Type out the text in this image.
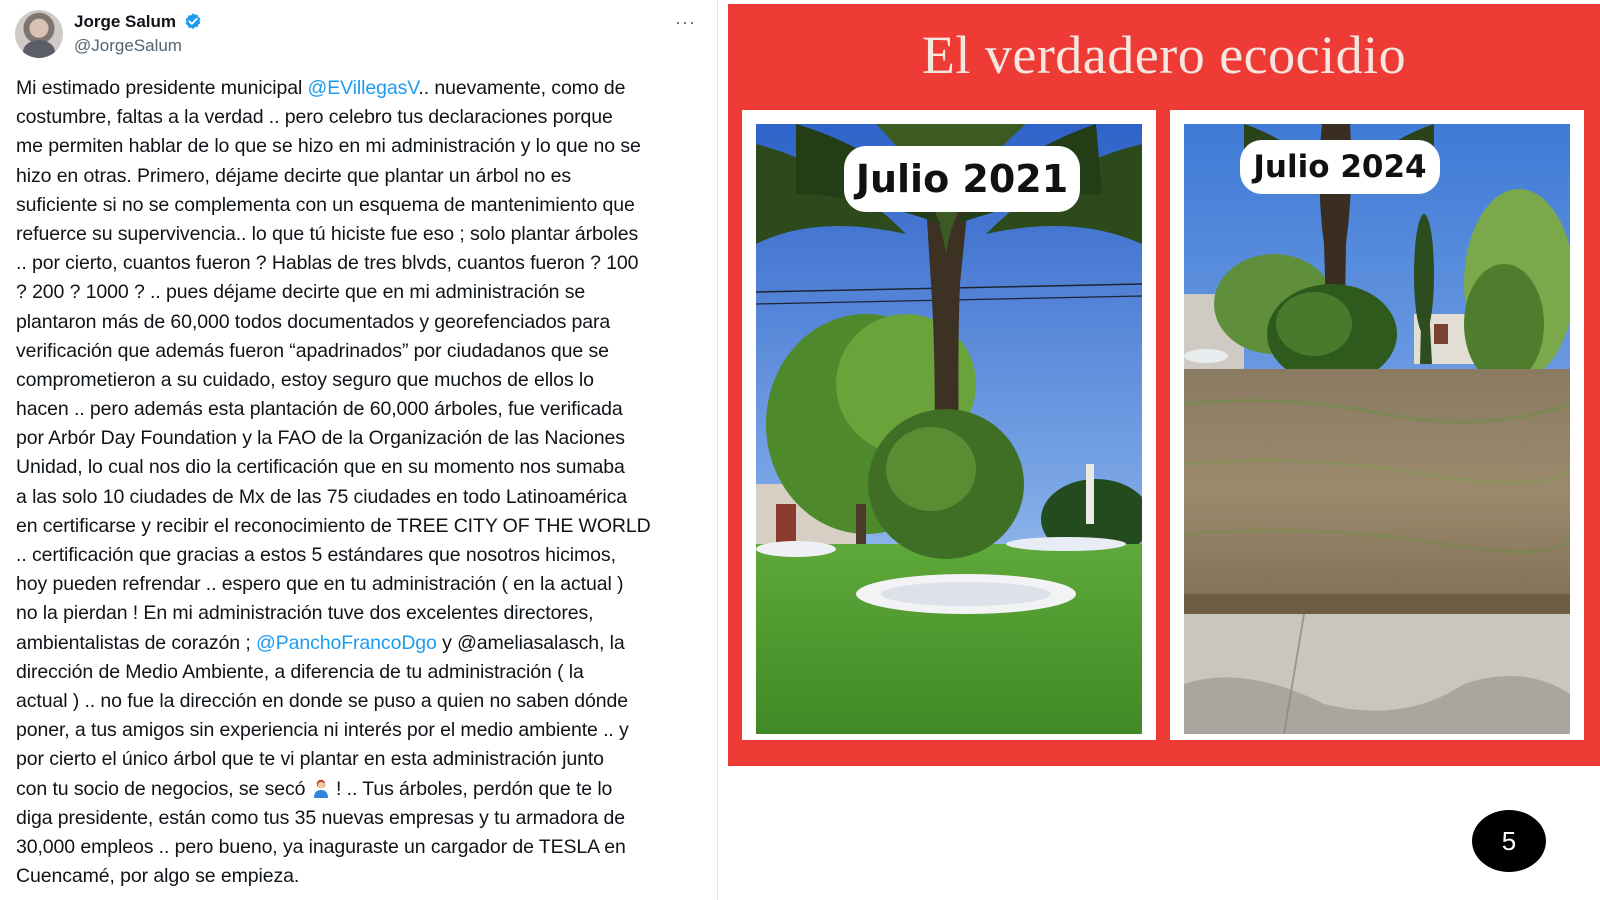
Jorge Salum
@JorgeSalum
···
Mi estimado presidente municipal @EVillegasV.. nuevamente, como de
costumbre, faltas a la verdad .. pero celebro tus declaraciones porque
me permiten hablar de lo que se hizo en mi administración y lo que no se
hizo en otras. Primero, déjame decirte que plantar un árbol no es
suficiente si no se complementa con un esquema de mantenimiento que
refuerce su supervivencia.. lo que tú hiciste fue eso ; solo plantar árboles
.. por cierto, cuantos fueron ? Hablas de tres blvds, cuantos fueron ? 100
? 200 ? 1000 ? .. pues déjame decirte que en mi administración se
plantaron más de 60,000 todos documentados y georefenciados para
verificación que además fueron “apadrinados” por ciudadanos que se
comprometieron a su cuidado, estoy seguro que muchos de ellos lo
hacen .. pero además esta plantación de 60,000 árboles, fue verificada
por Arbór Day Foundation y la FAO de la Organización de las Naciones
Unidad, lo cual nos dio la certificación que en su momento nos sumaba
a las solo 10 ciudades de Mx de las 75 ciudades en todo Latinoamérica
en certificarse y recibir el reconocimiento de TREE CITY OF THE WORLD
.. certificación que gracias a estos 5 estándares que nosotros hicimos,
hoy pueden refrendar .. espero que en tu administración ( en la actual )
no la pierdan ! En mi administración tuve dos excelentes directores,
ambientalistas de corazón ; @PanchoFrancoDgo y @ameliasalasch, la
dirección de Medio Ambiente, a diferencia de tu administración ( la
actual ) .. no fue la dirección en donde se puso a quien no saben dónde
poner, a tus amigos sin experiencia ni interés por el medio ambiente .. y
por cierto el único árbol que te vi plantar en esta administración junto
con tu socio de negocios, se secó  ! .. Tus árboles, perdón que te lo
diga presidente, están como tus 35 nuevas empresas y tu armadora de
30,000 empleos .. pero bueno, ya inaguraste un cargador de TESLA en
Cuencamé, por algo se empieza.
El verdadero ecocidio
Julio 2021	Julio 2024
5
